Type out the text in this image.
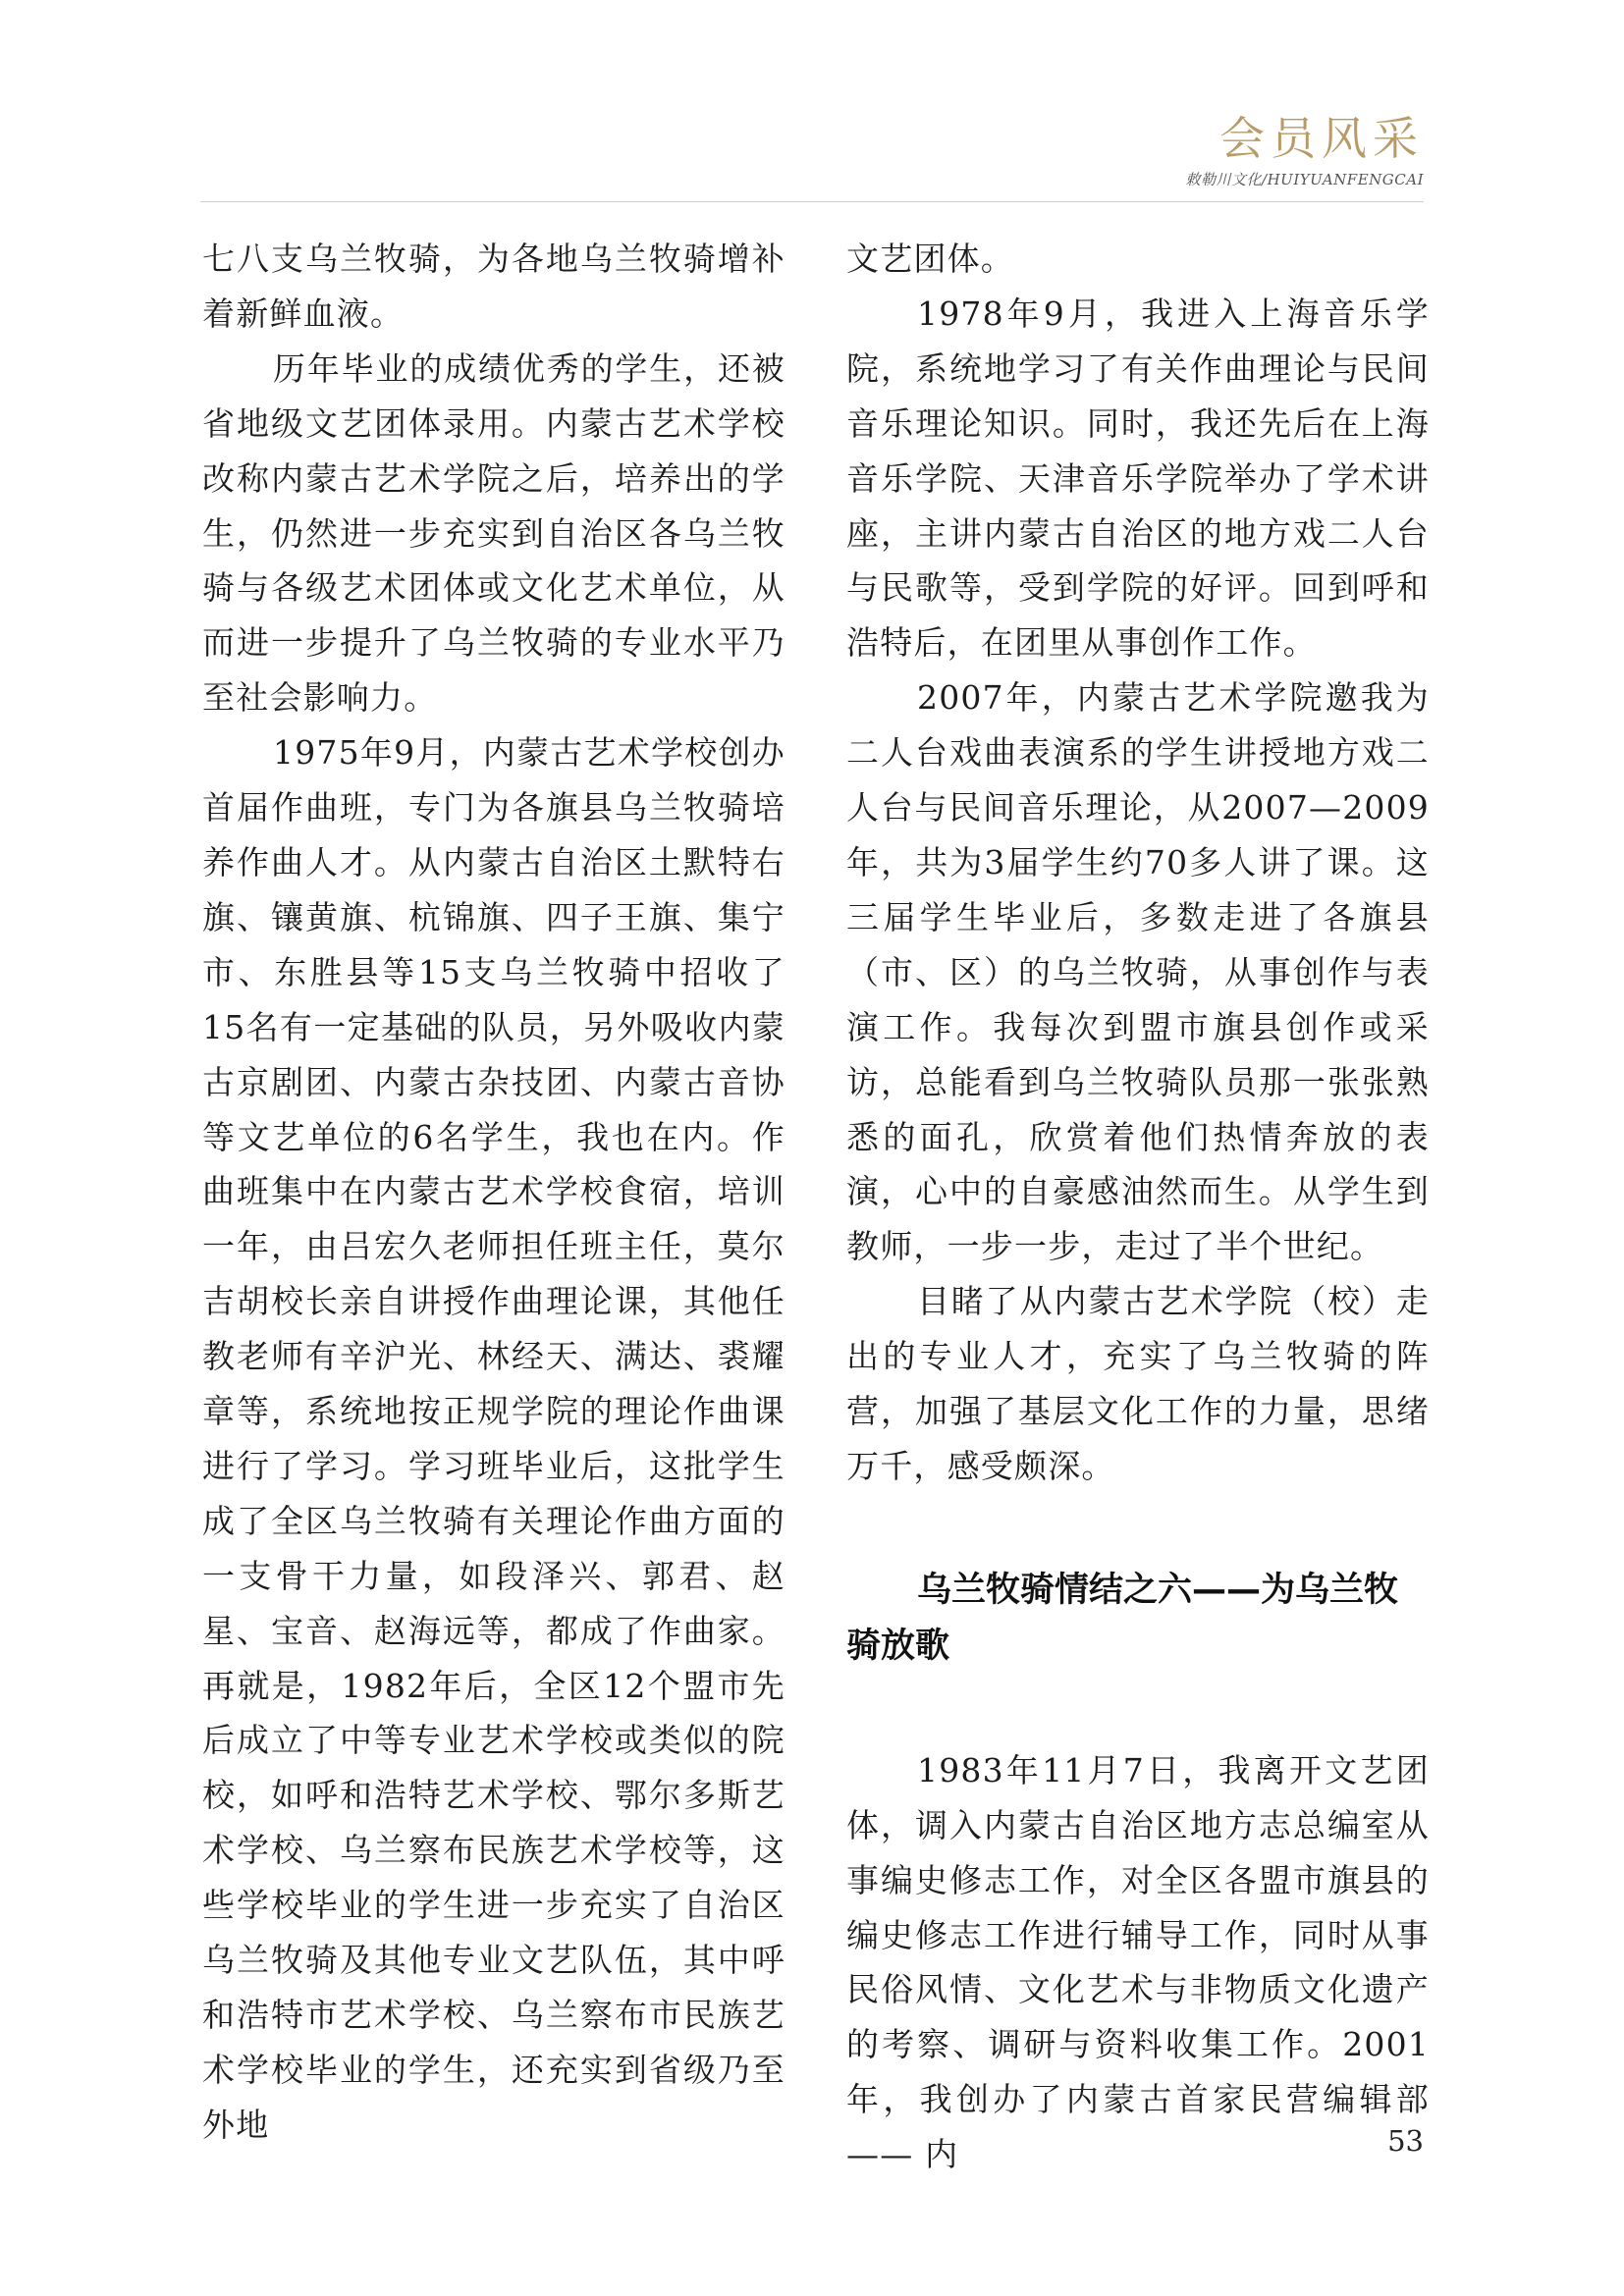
会员风采
敕勒川文化/HUIYUANFENGCAI

七八支乌兰牧骑，为各地乌兰牧骑增补着新鲜血液。

历年毕业的成绩优秀的学生，还被省地级文艺团体录用。内蒙古艺术学校改称内蒙古艺术学院之后，培养出的学生，仍然进一步充实到自治区各乌兰牧骑与各级艺术团体或文化艺术单位，从而进一步提升了乌兰牧骑的专业水平乃至社会影响力。

1975年9月，内蒙古艺术学校创办首届作曲班，专门为各旗县乌兰牧骑培养作曲人才。从内蒙古自治区土默特右旗、镶黄旗、杭锦旗、四子王旗、集宁市、东胜县等15支乌兰牧骑中招收了15名有一定基础的队员，另外吸收内蒙古京剧团、内蒙古杂技团、内蒙古音协等文艺单位的6名学生，我也在内。作曲班集中在内蒙古艺术学校食宿，培训一年，由吕宏久老师担任班主任，莫尔吉胡校长亲自讲授作曲理论课，其他任教老师有辛沪光、林经天、满达、裘耀章等，系统地按正规学院的理论作曲课进行了学习。学习班毕业后，这批学生成了全区乌兰牧骑有关理论作曲方面的一支骨干力量，如段泽兴、郭君、赵星、宝音、赵海远等，都成了作曲家。再就是，1982年后，全区12个盟市先后成立了中等专业艺术学校或类似的院校，如呼和浩特艺术学校、鄂尔多斯艺术学校、乌兰察布民族艺术学校等，这些学校毕业的学生进一步充实了自治区乌兰牧骑及其他专业文艺队伍，其中呼和浩特市艺术学校、乌兰察布市民族艺术学校毕业的学生，还充实到省级乃至外地

文艺团体。

1978年9月，我进入上海音乐学院，系统地学习了有关作曲理论与民间音乐理论知识。同时，我还先后在上海音乐学院、天津音乐学院举办了学术讲座，主讲内蒙古自治区的地方戏二人台与民歌等，受到学院的好评。回到呼和浩特后，在团里从事创作工作。

2007年，内蒙古艺术学院邀我为二人台戏曲表演系的学生讲授地方戏二人台与民间音乐理论，从2007—2009年，共为3届学生约70多人讲了课。这三届学生毕业后，多数走进了各旗县（市、区）的乌兰牧骑，从事创作与表演工作。我每次到盟市旗县创作或采访，总能看到乌兰牧骑队员那一张张熟悉的面孔，欣赏着他们热情奔放的表演，心中的自豪感油然而生。从学生到教师，一步一步，走过了半个世纪。

目睹了从内蒙古艺术学院（校）走出的专业人才，充实了乌兰牧骑的阵营，加强了基层文化工作的力量，思绪万千，感受颇深。

乌兰牧骑情结之六——为乌兰牧骑放歌

1983年11月7日，我离开文艺团体，调入内蒙古自治区地方志总编室从事编史修志工作，对全区各盟市旗县的编史修志工作进行辅导工作，同时从事民俗风情、文化艺术与非物质文化遗产的考察、调研与资料收集工作。2001年，我创办了内蒙古首家民营编辑部—— 内	53
